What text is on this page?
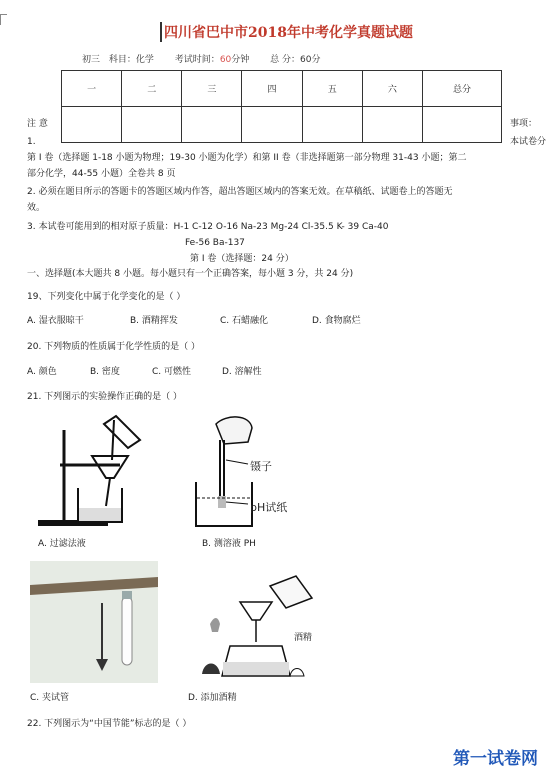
四川省巴中市2018年中考化学真题试题
初三 科目：化学 考试时间：60分钟 总 分：60分
一	二	三	四	五	六	总分

注 意	事项：
1.	本试卷分
第 I 卷（选择题 1-18 小题为物理；19-30 小题为化学）和第 II 卷（非选择题第一部分物理 31-43 小题；第二
部分化学，44-55 小题）全卷共 8 页
2. 必须在题目所示的答题卡的答题区域内作答，超出答题区域内的答案无效。在草稿纸、试题卷上的答题无
效。
3. 本试卷可能用到的相对原子质量：H-1 C-12 O-16 Na-23 Mg-24 Cl-35.5 K- 39 Ca-40
Fe-56 Ba-137
第 I 卷（选择题：24 分）
一、选择题(本大题共 8 小题。每小题只有一个正确答案，每小题 3 分，共 24 分)
19、下列变化中属于化学变化的是（ ）
A. 湿衣服晾干	B. 酒精挥发	C. 石蜡融化	D. 食物腐烂
20. 下列物质的性质属于化学性质的是（ ）
A. 颜色	B. 密度	C. 可燃性	D. 溶解性
21. 下列图示的实验操作正确的是（ ）
A. 过滤法液
镊子
pH试纸
B. 测溶液 PH
C. 夹试管
酒精
D. 添加酒精
22. 下列图示为“中国节能”标志的是（ ）
第一试卷网
